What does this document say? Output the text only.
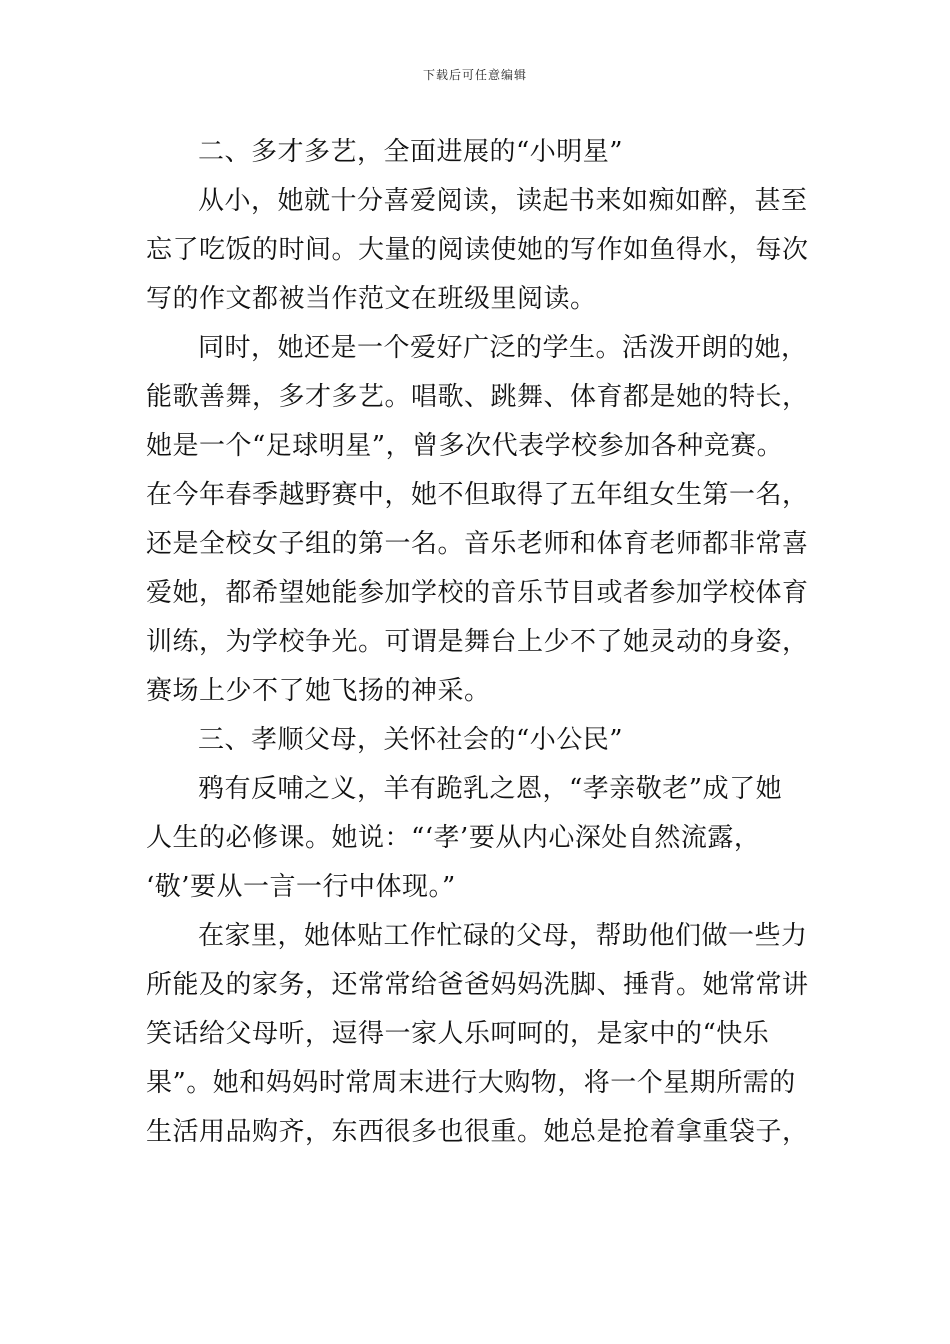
下载后可任意编辑
二、多才多艺，全面进展的“小明星”
从小，她就十分喜爱阅读，读起书来如痴如醉，甚至
忘了吃饭的时间。大量的阅读使她的写作如鱼得水，每次
写的作文都被当作范文在班级里阅读。
同时，她还是一个爱好广泛的学生。活泼开朗的她，
能歌善舞，多才多艺。唱歌、跳舞、体育都是她的特长，
她是一个“足球明星”，曾多次代表学校参加各种竞赛。
在今年春季越野赛中，她不但取得了五年组女生第一名，
还是全校女子组的第一名。音乐老师和体育老师都非常喜
爱她，都希望她能参加学校的音乐节目或者参加学校体育
训练，为学校争光。可谓是舞台上少不了她灵动的身姿，
赛场上少不了她飞扬的神采。
三、孝顺父母，关怀社会的“小公民”
鸦有反哺之义，羊有跪乳之恩，“孝亲敬老”成了她
人生的必修课。她说：“‘孝’要从内心深处自然流露，
‘敬’要从一言一行中体现。”
在家里，她体贴工作忙碌的父母，帮助他们做一些力
所能及的家务，还常常给爸爸妈妈洗脚、捶背。她常常讲
笑话给父母听，逗得一家人乐呵呵的，是家中的“快乐
果”。她和妈妈时常周末进行大购物，将一个星期所需的
生活用品购齐，东西很多也很重。她总是抢着拿重袋子，
